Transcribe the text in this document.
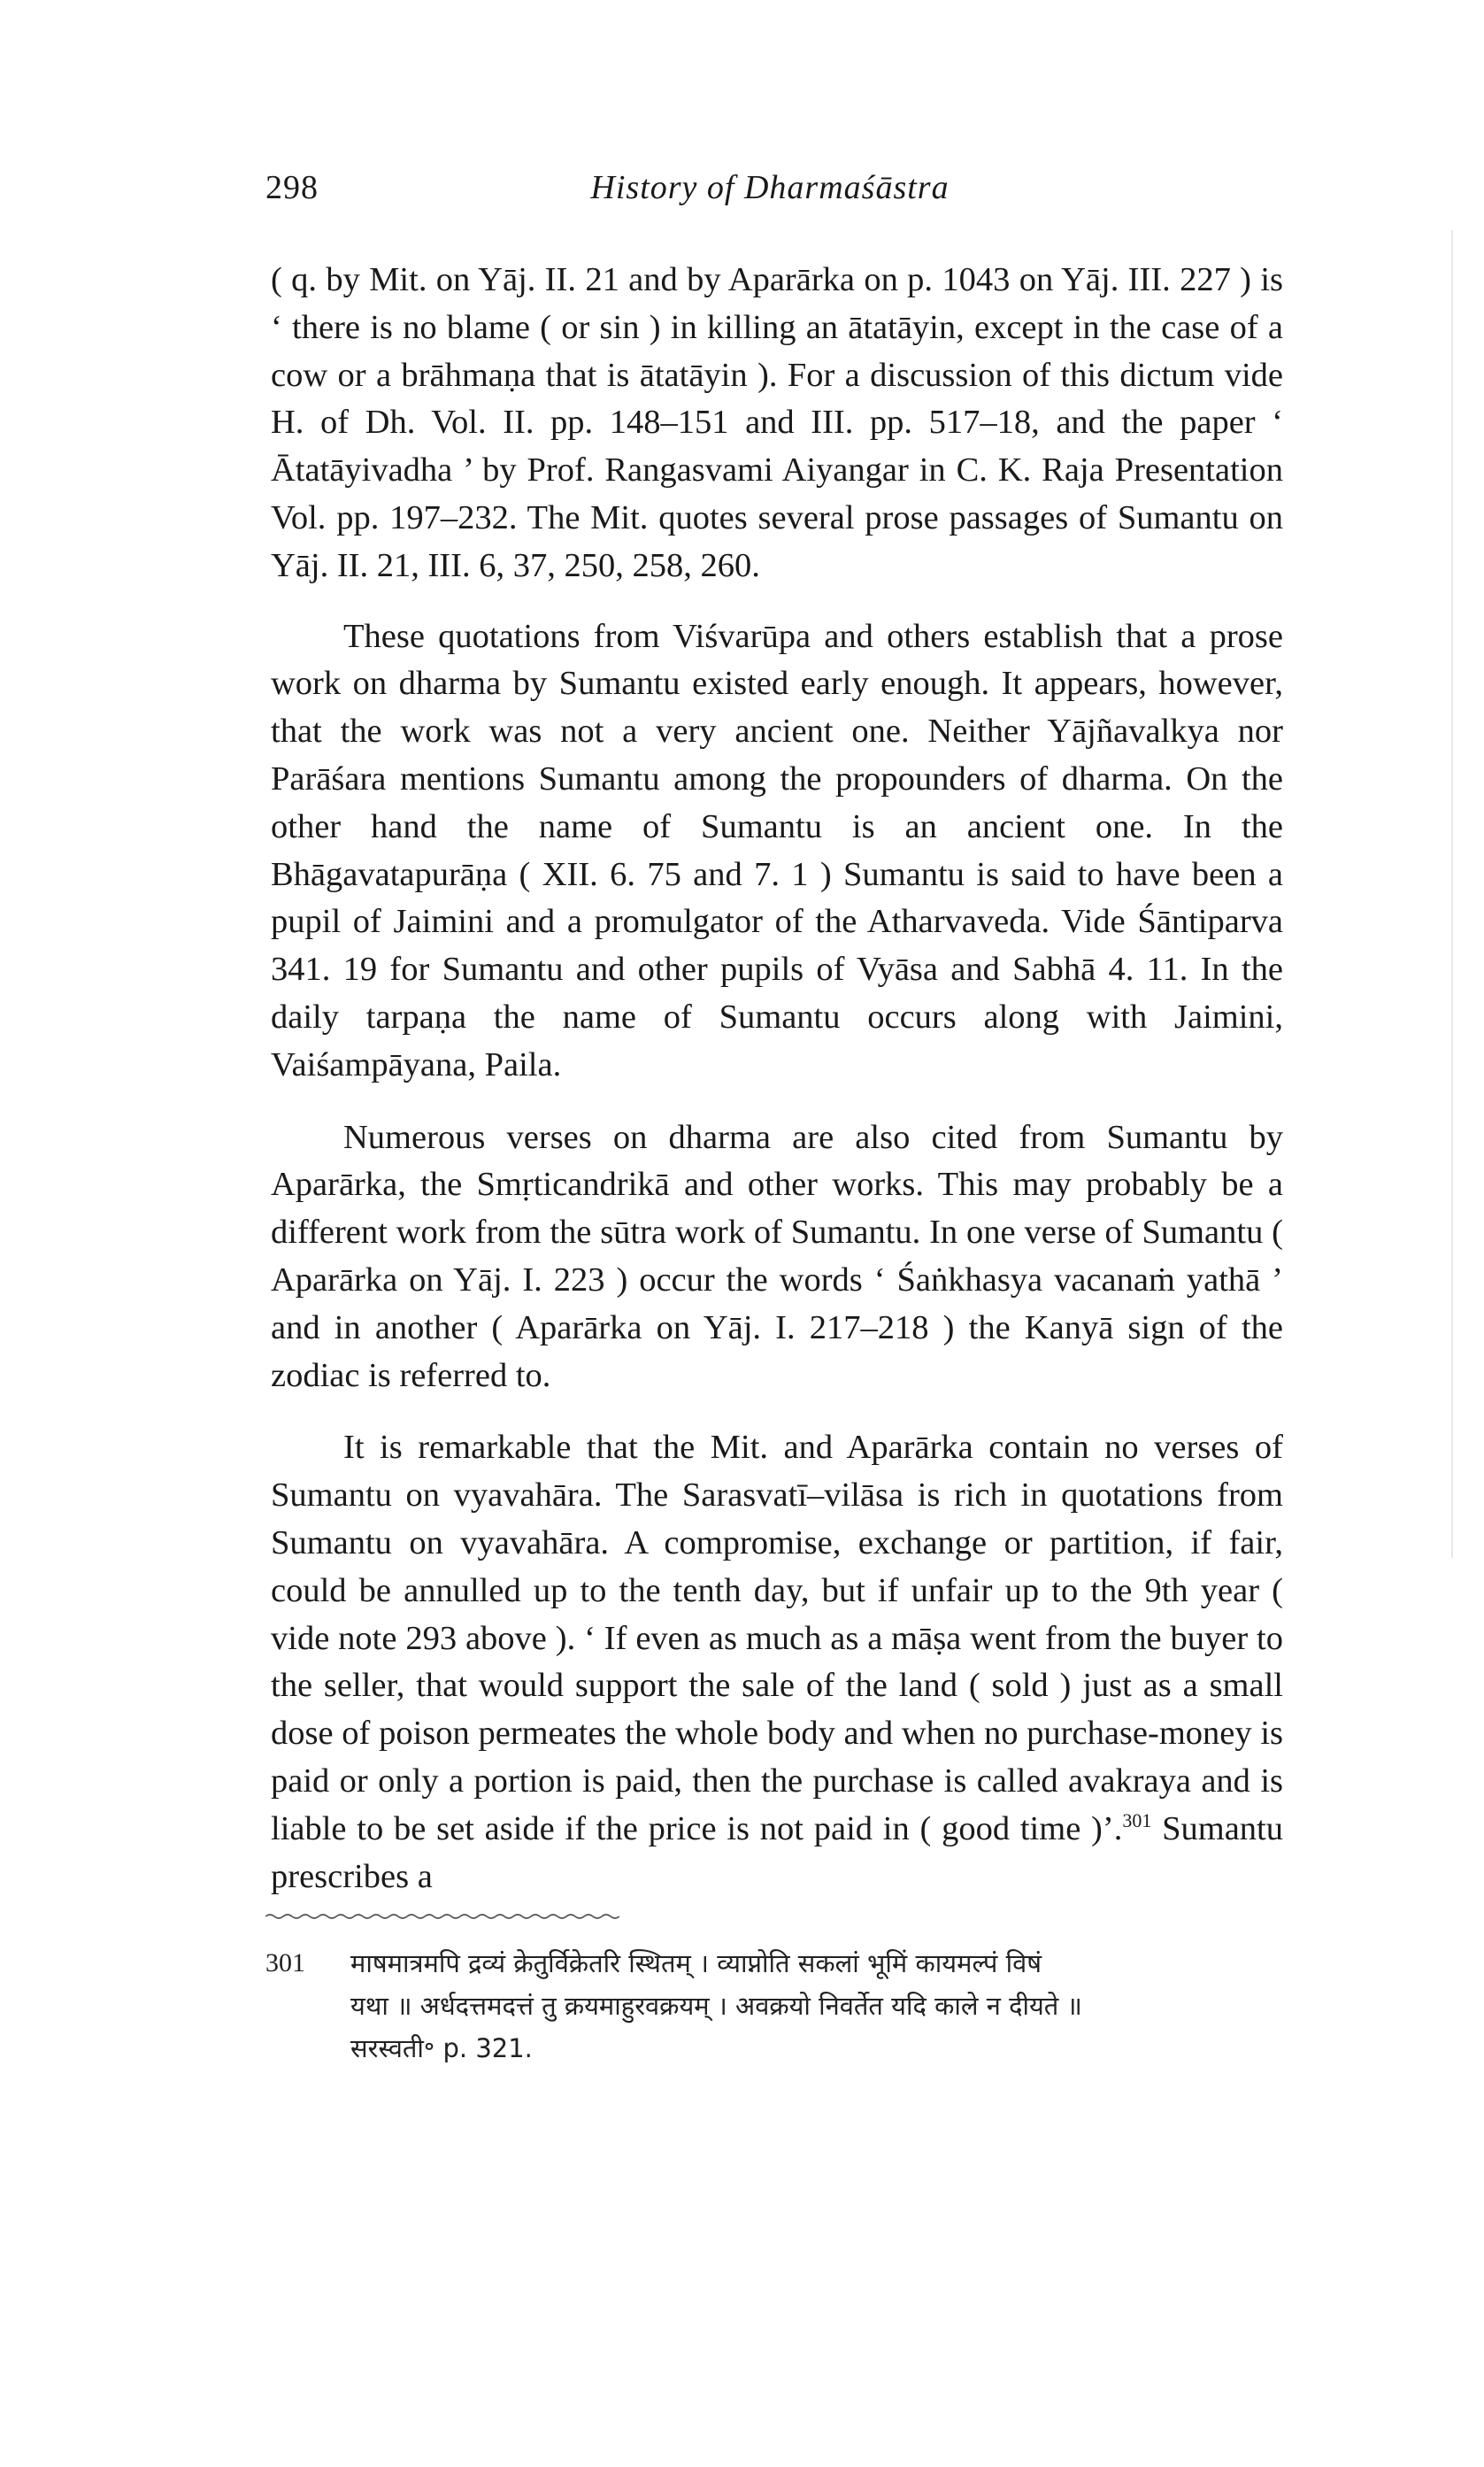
298	History of Dharmaśāstra

( q. by Mit. on Yāj. II. 21 and by Aparārka on p. 1043 on Yāj. III. 227 ) is ‘ there is no blame ( or sin ) in killing an ātatāyin, except in the case of a cow or a brāhmaṇa that is ātatāyin ). For a discussion of this dictum vide H. of Dh. Vol. II. pp. 148–151 and III. pp. 517–18, and the paper ‘ Ātatāyivadha ’ by Prof. Rangasvami Aiyangar in C. K. Raja Presentation Vol. pp. 197–232. The Mit. quotes several prose passages of Sumantu on Yāj. II. 21, III. 6, 37, 250, 258, 260.

These quotations from Viśvarūpa and others establish that a prose work on dharma by Sumantu existed early enough. It appears, however, that the work was not a very ancient one. Neither Yājñavalkya nor Parāśara mentions Sumantu among the propounders of dharma. On the other hand the name of Sumantu is an ancient one. In the Bhāgavatapurāṇa ( XII. 6. 75 and 7. 1 ) Sumantu is said to have been a pupil of Jaimini and a promulgator of the Atharvaveda. Vide Śāntiparva 341. 19 for Sumantu and other pupils of Vyāsa and Sabhā 4. 11. In the daily tarpaṇa the name of Sumantu occurs along with Jaimini, Vaiśampāyana, Paila.

Numerous verses on dharma are also cited from Sumantu by Aparārka, the Smṛticandrikā and other works. This may probably be a different work from the sūtra work of Sumantu. In one verse of Sumantu ( Aparārka on Yāj. I. 223 ) occur the words ‘ Śaṅkhasya vacanaṁ yathā ’ and in another ( Aparārka on Yāj. I. 217–218 ) the Kanyā sign of the zodiac is referred to.

It is remarkable that the Mit. and Aparārka contain no verses of Sumantu on vyavahāra. The Sarasvatī–vilāsa is rich in quotations from Sumantu on vyavahāra. A compromise, exchange or partition, if fair, could be annulled up to the tenth day, but if unfair up to the 9th year ( vide note 293 above ). ‘ If even as much as a māṣa went from the buyer to the seller, that would support the sale of the land ( sold ) just as a small dose of poison permeates the whole body and when no purchase-money is paid or only a portion is paid, then the purchase is called avakraya and is liable to be set aside if the price is not paid in ( good time )’.$^{301}$ Sumantu prescribes a

301 माषमात्रमपि द्रव्यं क्रेतुर्विक्रेतरि स्थितम् । व्याप्नोति सकलां भूमिं कायमल्पं विषं
यथा ॥ अर्धदत्तमदत्तं तु क्रयमाहुरवक्रयम् । अवक्रयो निवर्तेत यदि काले न दीयते ॥
सरस्वती॰ p. 321.
